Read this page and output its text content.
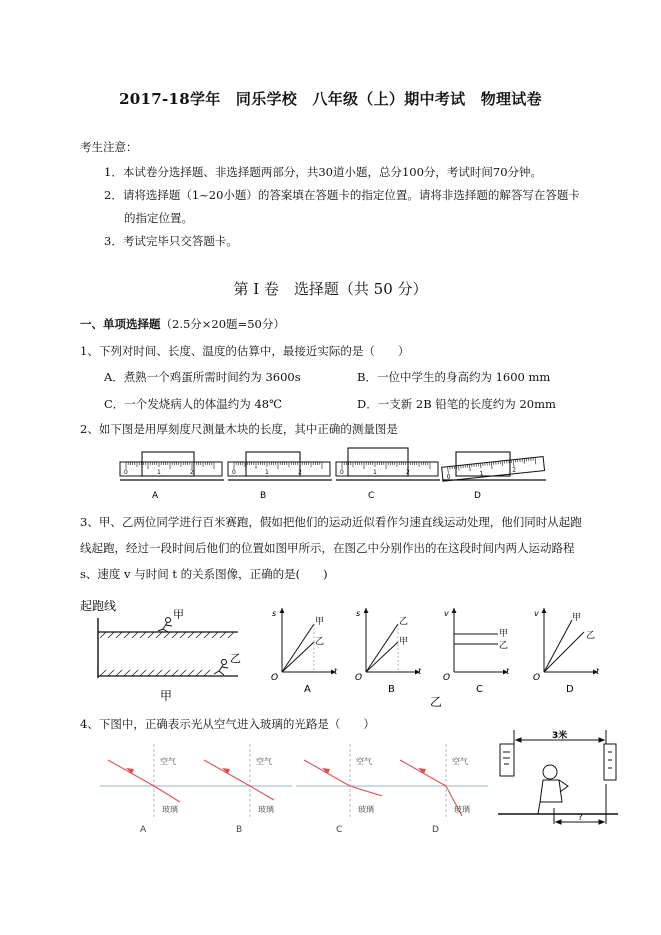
2017-18学年　同乐学校　八年级（上）期中考试　物理试卷
考生注意：
1．本试卷分选择题、非选择题两部分，共30道小题，总分100分，考试时间70分钟。
2．请将选择题（1~20小题）的答案填在答题卡的指定位置。请将非选择题的解答写在答题卡
的指定位置。
3．考试完毕只交答题卡。
第 I 卷　选择题（共 50 分）
一、单项选择题（2.5分×20题=50分）
1、下列对时间、长度、温度的估算中，最接近实际的是（　　）
A．煮熟一个鸡蛋所需时间约为 3600s	B．一位中学生的身高约为 1600 mm
C．一个发烧病人的体温约为 48℃	D．一支新 2B 铅笔的长度约为 20mm
2、如下图是用厚刻度尺测量木块的长度，其中正确的测量图是
0	1	2
A
0	1	2
B
0	1	2
C
0	1	2
D
3、甲、乙两位同学进行百米赛跑，假如把他们的运动近似看作匀速直线运动处理，他们同时从起跑
线起跑，经过一段时间后他们的位置如图甲所示，在图乙中分别作出的在这段时间内两人运动路程
s、速度 v 与时间 t 的关系图像，正确的是(　　)
起跑线
甲
乙
甲
s
t
O
甲
乙
A
s
t
O
乙
甲
B
v
t
O
甲
乙
C
v
t
O
甲
乙
D
乙
4、下图中，正确表示光从空气进入玻璃的光路是（　　）
空气
玻璃
A
空气
玻璃
B
空气
玻璃
C
空气
玻璃
D
3米
?
